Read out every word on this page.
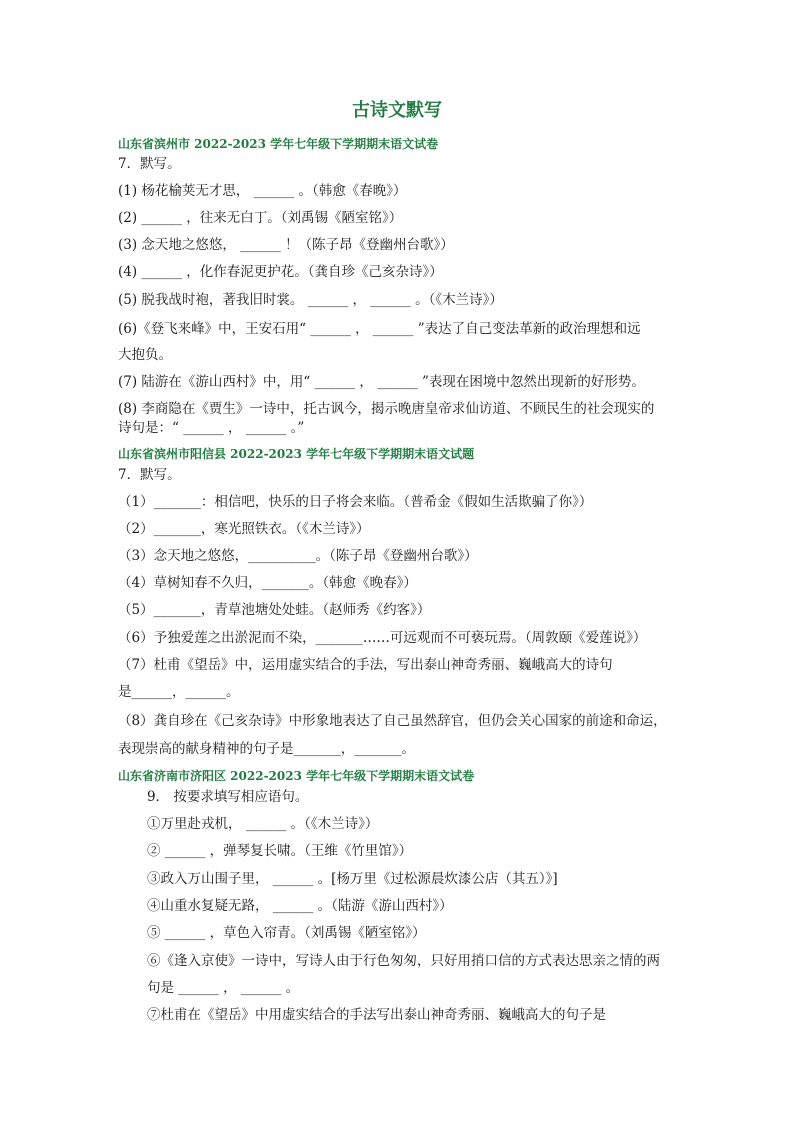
古诗文默写
山东省滨州市 2022-2023 学年七年级下学期期末语文试卷
7．默写。
(1) 杨花榆荚无才思， ______ 。（韩愈《春晚》）
(2) ______ ，往来无白丁。（刘禹锡《陋室铭》）
(3) 念天地之悠悠， ______ ！（陈子昂《登幽州台歌》）
(4) ______ ，化作春泥更护花。（龚自珍《己亥杂诗》）
(5) 脱我战时袍，著我旧时裳。 ______ ， ______ 。（《木兰诗》）
(6)《登飞来峰》中，王安石用“ ______ ， ______ ”表达了自己变法革新的政治理想和远
大抱负。
(7) 陆游在《游山西村》中，用“ ______ ， ______ ”表现在困境中忽然出现新的好形势。
(8) 李商隐在《贾生》一诗中，托古讽今，揭示晚唐皇帝求仙访道、不顾民生的社会现实的
诗句是：“ ______ ， ______ 。”
山东省滨州市阳信县 2022-2023 学年七年级下学期期末语文试题
7．默写。
（1）_______：相信吧，快乐的日子将会来临。（普希金《假如生活欺骗了你》）
（2）_______，寒光照铁衣。（《木兰诗》）
（3）念天地之悠悠，__________。（陈子昂《登幽州台歌》）
（4）草树知春不久归，_______。（韩愈《晚春》）
（5）_______，青草池塘处处蛙。（赵师秀《约客》）
（6）予独爱莲之出淤泥而不染，_______……可远观而不可亵玩焉。（周敦颐《爱莲说》）
（7）杜甫《望岳》中，运用虚实结合的手法，写出泰山神奇秀丽、巍峨高大的诗句
是______，______。
（8）龚自珍在《己亥杂诗》中形象地表达了自己虽然辞官，但仍会关心国家的前途和命运，
表现崇高的献身精神的句子是_______，_______。
山东省济南市济阳区 2022-2023 学年七年级下学期期末语文试卷
9． 按要求填写相应语句。
①万里赴戎机， ______ 。（《木兰诗》）
② ______ ，弹琴复长啸。（王维《竹里馆》）
③政入万山围子里， ______ 。[杨万里《过松源晨炊漆公店（其五）》]
④山重水复疑无路， ______ 。（陆游《游山西村》）
⑤ ______ ，草色入帘青。（刘禹锡《陋室铭》）
⑥《逢入京使》一诗中，写诗人由于行色匆匆，只好用捎口信的方式表达思亲之情的两
句是 ______ ， ______ 。
⑦杜甫在《望岳》中用虚实结合的手法写出泰山神奇秀丽、巍峨高大的句子是
